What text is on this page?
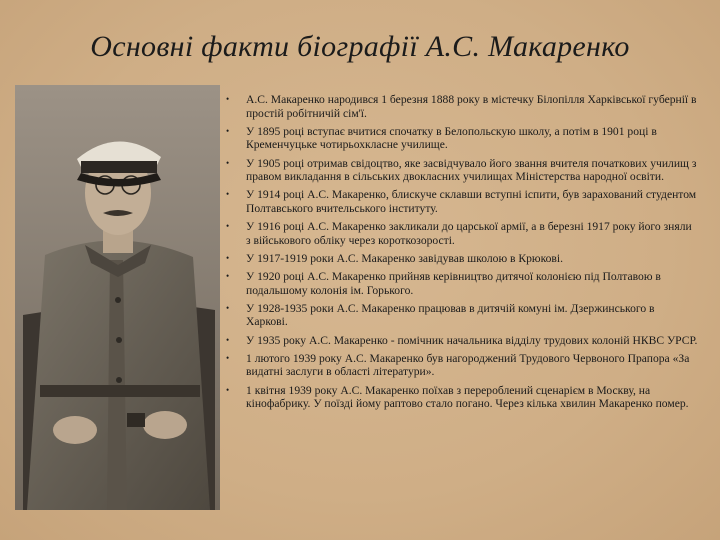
Основні факти біографії А.С. Макаренко
• А.С. Макаренко народився 1 березня 1888 року в містечку Білопілля Харківської губернії в простій робітничій сім'ї.
• У 1895 році вступає вчитися спочатку в Белопольскую школу, а потім в 1901 році в Кременчуцьке чотирьохкласне училище.
• У 1905 році отримав свідоцтво, яке засвідчувало його звання вчителя початкових училищ з правом викладання в сільських двокласних училищах Міністерства народної освіти.
• У 1914 році А.С. Макаренко, блискуче склавши вступні іспити, був зарахований студентом Полтавського вчительського інституту.
• У 1916 році А.С. Макаренко закликали до царської армії, а в березні 1917 року його зняли з військового обліку через короткозорості.
• У 1917-1919 роки А.С. Макаренко завідував школою в Крюкові.
• У 1920 році А.С. Макаренко прийняв керівництво дитячої колонією під Полтавою в подальшому колонія ім. Горького.
• У 1928-1935 роки А.С. Макаренко працював в дитячій комуні ім. Дзержинського в Харкові.
• У 1935 року А.С. Макаренко - помічник начальника відділу трудових колоній НКВС УРСР.
• 1 лютого 1939 року А.С. Макаренко був нагороджений Трудового Червоного Прапора «За видатні заслуги в області літератури».
• 1 квітня 1939 року А.С. Макаренко поїхав з перероблений сценарієм в Москву, на кінофабрику. У поїзді йому раптово стало погано. Через кілька хвилин Макаренко помер.
